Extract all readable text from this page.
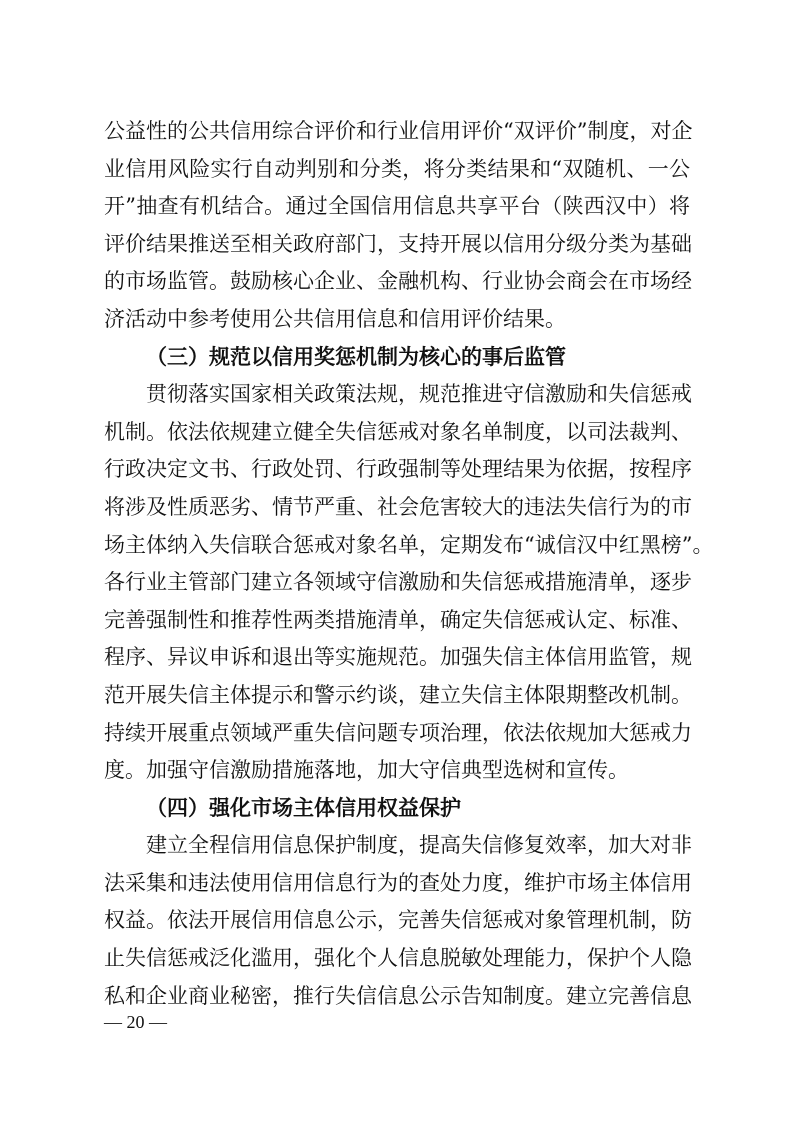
公益性的公共信用综合评价和行业信用评价“双评价”制度，对企
业信用风险实行自动判别和分类，将分类结果和“双随机、一公
开”抽查有机结合。通过全国信用信息共享平台（陕西汉中）将
评价结果推送至相关政府部门，支持开展以信用分级分类为基础
的市场监管。鼓励核心企业、金融机构、行业协会商会在市场经
济活动中参考使用公共信用信息和信用评价结果。
（三）规范以信用奖惩机制为核心的事后监管
贯彻落实国家相关政策法规，规范推进守信激励和失信惩戒
机制。依法依规建立健全失信惩戒对象名单制度，以司法裁判、
行政决定文书、行政处罚、行政强制等处理结果为依据，按程序
将涉及性质恶劣、情节严重、社会危害较大的违法失信行为的市
场主体纳入失信联合惩戒对象名单，定期发布“诚信汉中红黑榜”。
各行业主管部门建立各领域守信激励和失信惩戒措施清单，逐步
完善强制性和推荐性两类措施清单，确定失信惩戒认定、标准、
程序、异议申诉和退出等实施规范。加强失信主体信用监管，规
范开展失信主体提示和警示约谈，建立失信主体限期整改机制。
持续开展重点领域严重失信问题专项治理，依法依规加大惩戒力
度。加强守信激励措施落地，加大守信典型选树和宣传。
（四）强化市场主体信用权益保护
建立全程信用信息保护制度，提高失信修复效率，加大对非
法采集和违法使用信用信息行为的查处力度，维护市场主体信用
权益。依法开展信用信息公示，完善失信惩戒对象管理机制，防
止失信惩戒泛化滥用，强化个人信息脱敏处理能力，保护个人隐
私和企业商业秘密，推行失信信息公示告知制度。建立完善信息
— 20 —
